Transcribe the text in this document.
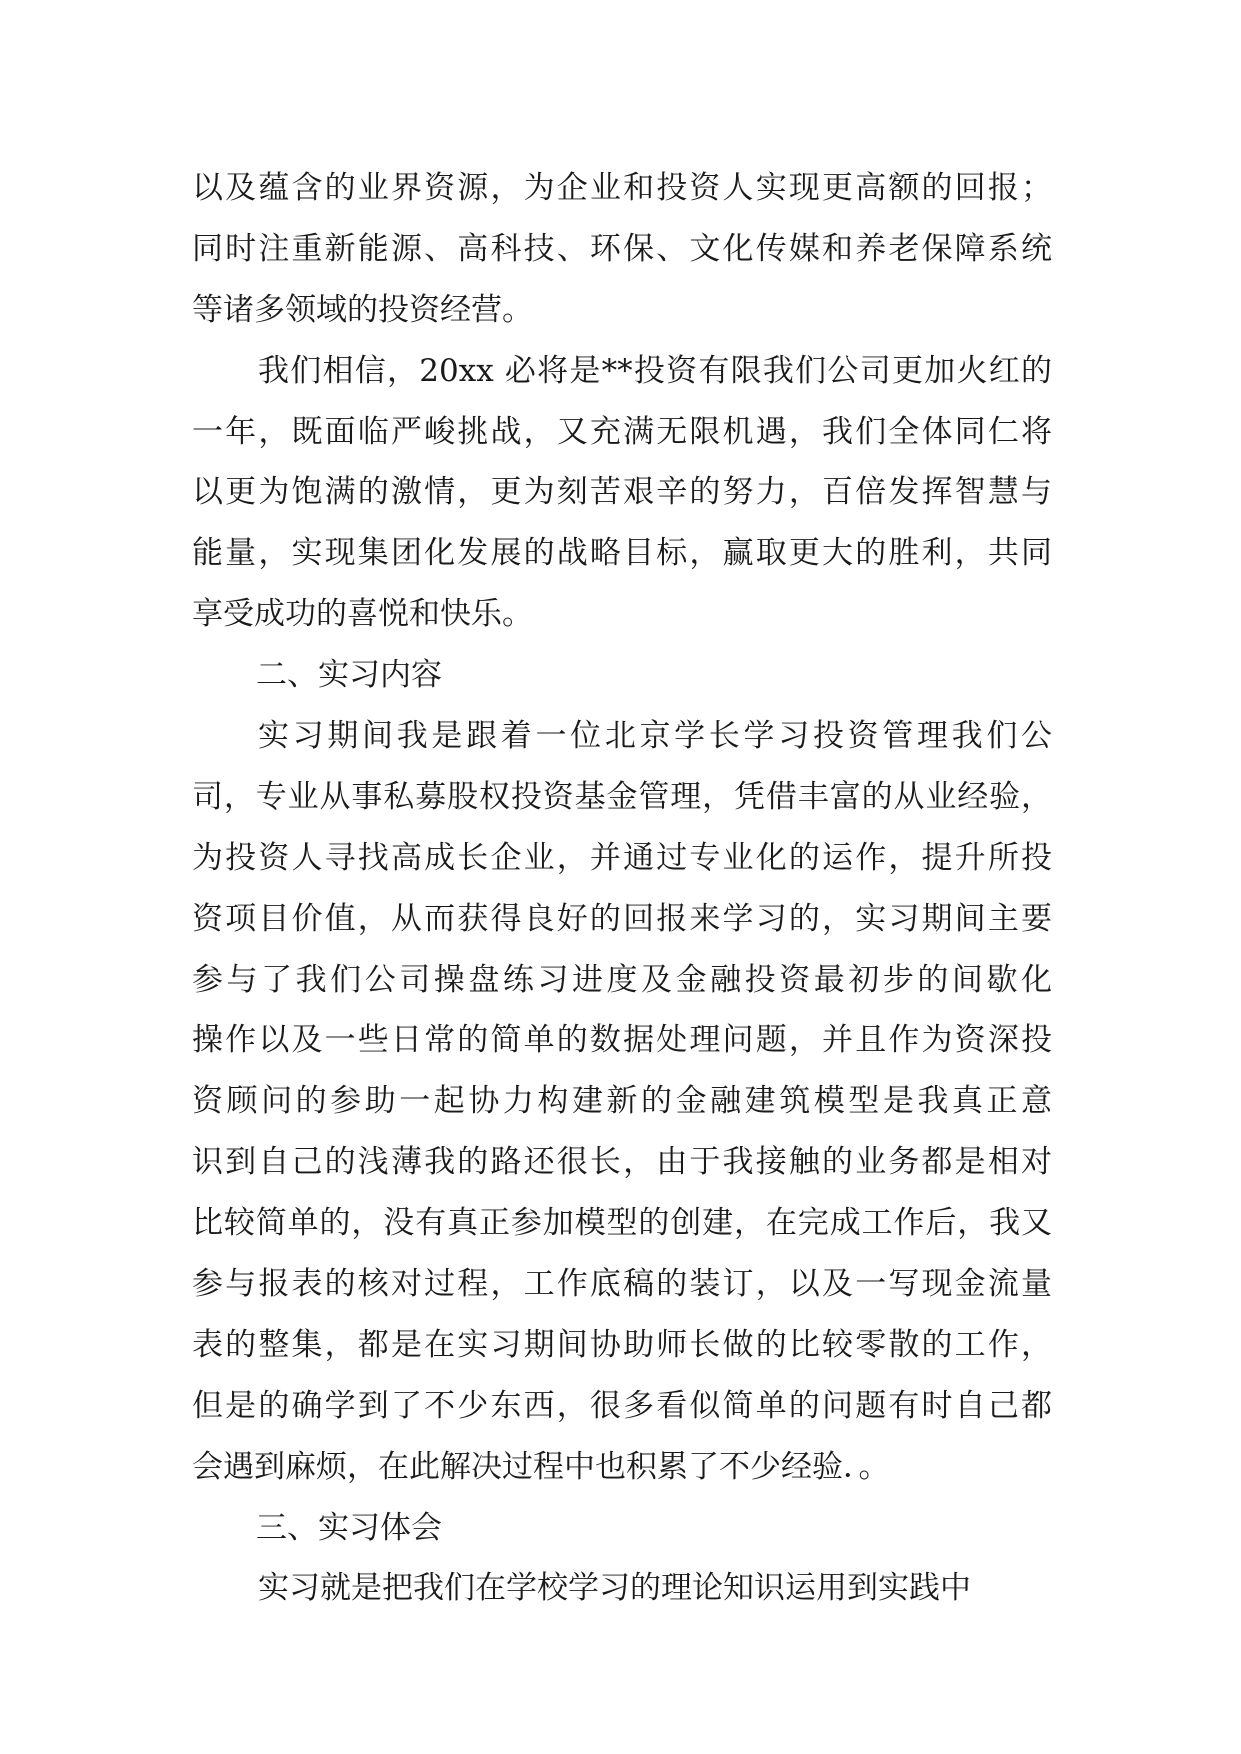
以及蕴含的业界资源，为企业和投资人实现更高额的回报；
同时注重新能源、高科技、环保、文化传媒和养老保障系统
等诸多领域的投资经营。
我们相信，20xx 必将是**投资有限我们公司更加火红的
一年，既面临严峻挑战，又充满无限机遇，我们全体同仁将
以更为饱满的激情，更为刻苦艰辛的努力，百倍发挥智慧与
能量，实现集团化发展的战略目标，赢取更大的胜利，共同
享受成功的喜悦和快乐。
二、实习内容
实习期间我是跟着一位北京学长学习投资管理我们公
司，专业从事私募股权投资基金管理，凭借丰富的从业经验，
为投资人寻找高成长企业，并通过专业化的运作，提升所投
资项目价值，从而获得良好的回报来学习的，实习期间主要
参与了我们公司操盘练习进度及金融投资最初步的间歇化
操作以及一些日常的简单的数据处理问题，并且作为资深投
资顾问的参助一起协力构建新的金融建筑模型是我真正意
识到自己的浅薄我的路还很长，由于我接触的业务都是相对
比较简单的，没有真正参加模型的创建，在完成工作后，我又
参与报表的核对过程，工作底稿的装订，以及一写现金流量
表的整集，都是在实习期间协助师长做的比较零散的工作，
但是的确学到了不少东西，很多看似简单的问题有时自己都
会遇到麻烦，在此解决过程中也积累了不少经验．。
三、实习体会
实习就是把我们在学校学习的理论知识运用到实践中
